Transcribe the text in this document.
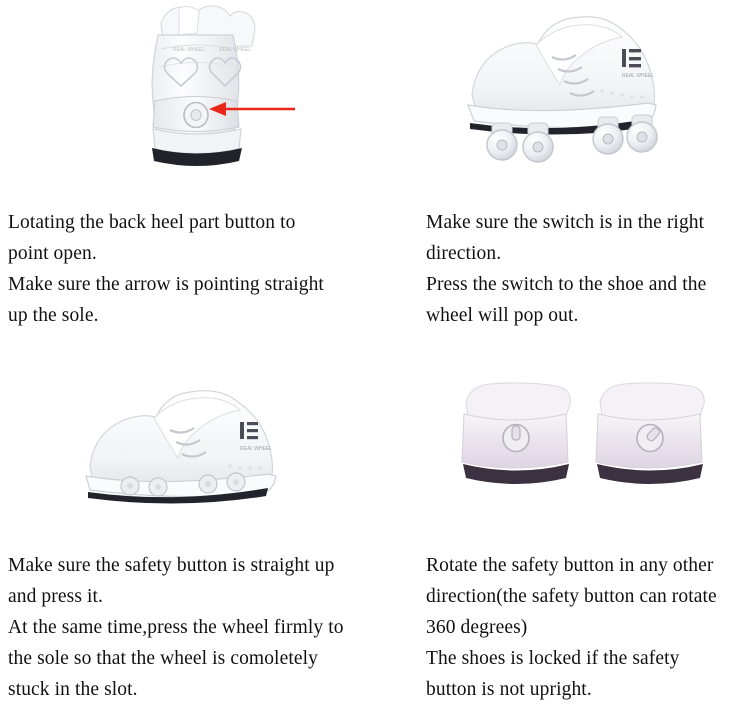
REAL WHEEL	REAL WHEEL

Lotating the back heel part button to

point open.

Make sure the arrow is pointing straight

up the sole.

REAL WHEEL

Make sure the switch is in the right

direction.

Press the switch to the shoe and the

wheel will pop out.

REAL WHEEL

Make sure the safety button is straight up

and press it.

At the same time,press the wheel firmly to

the sole so that the wheel is comoletely

stuck in the slot.

Rotate the safety button in any other

direction(the safety button can rotate

360 degrees)

The shoes is locked if the safety

button is not upright.
